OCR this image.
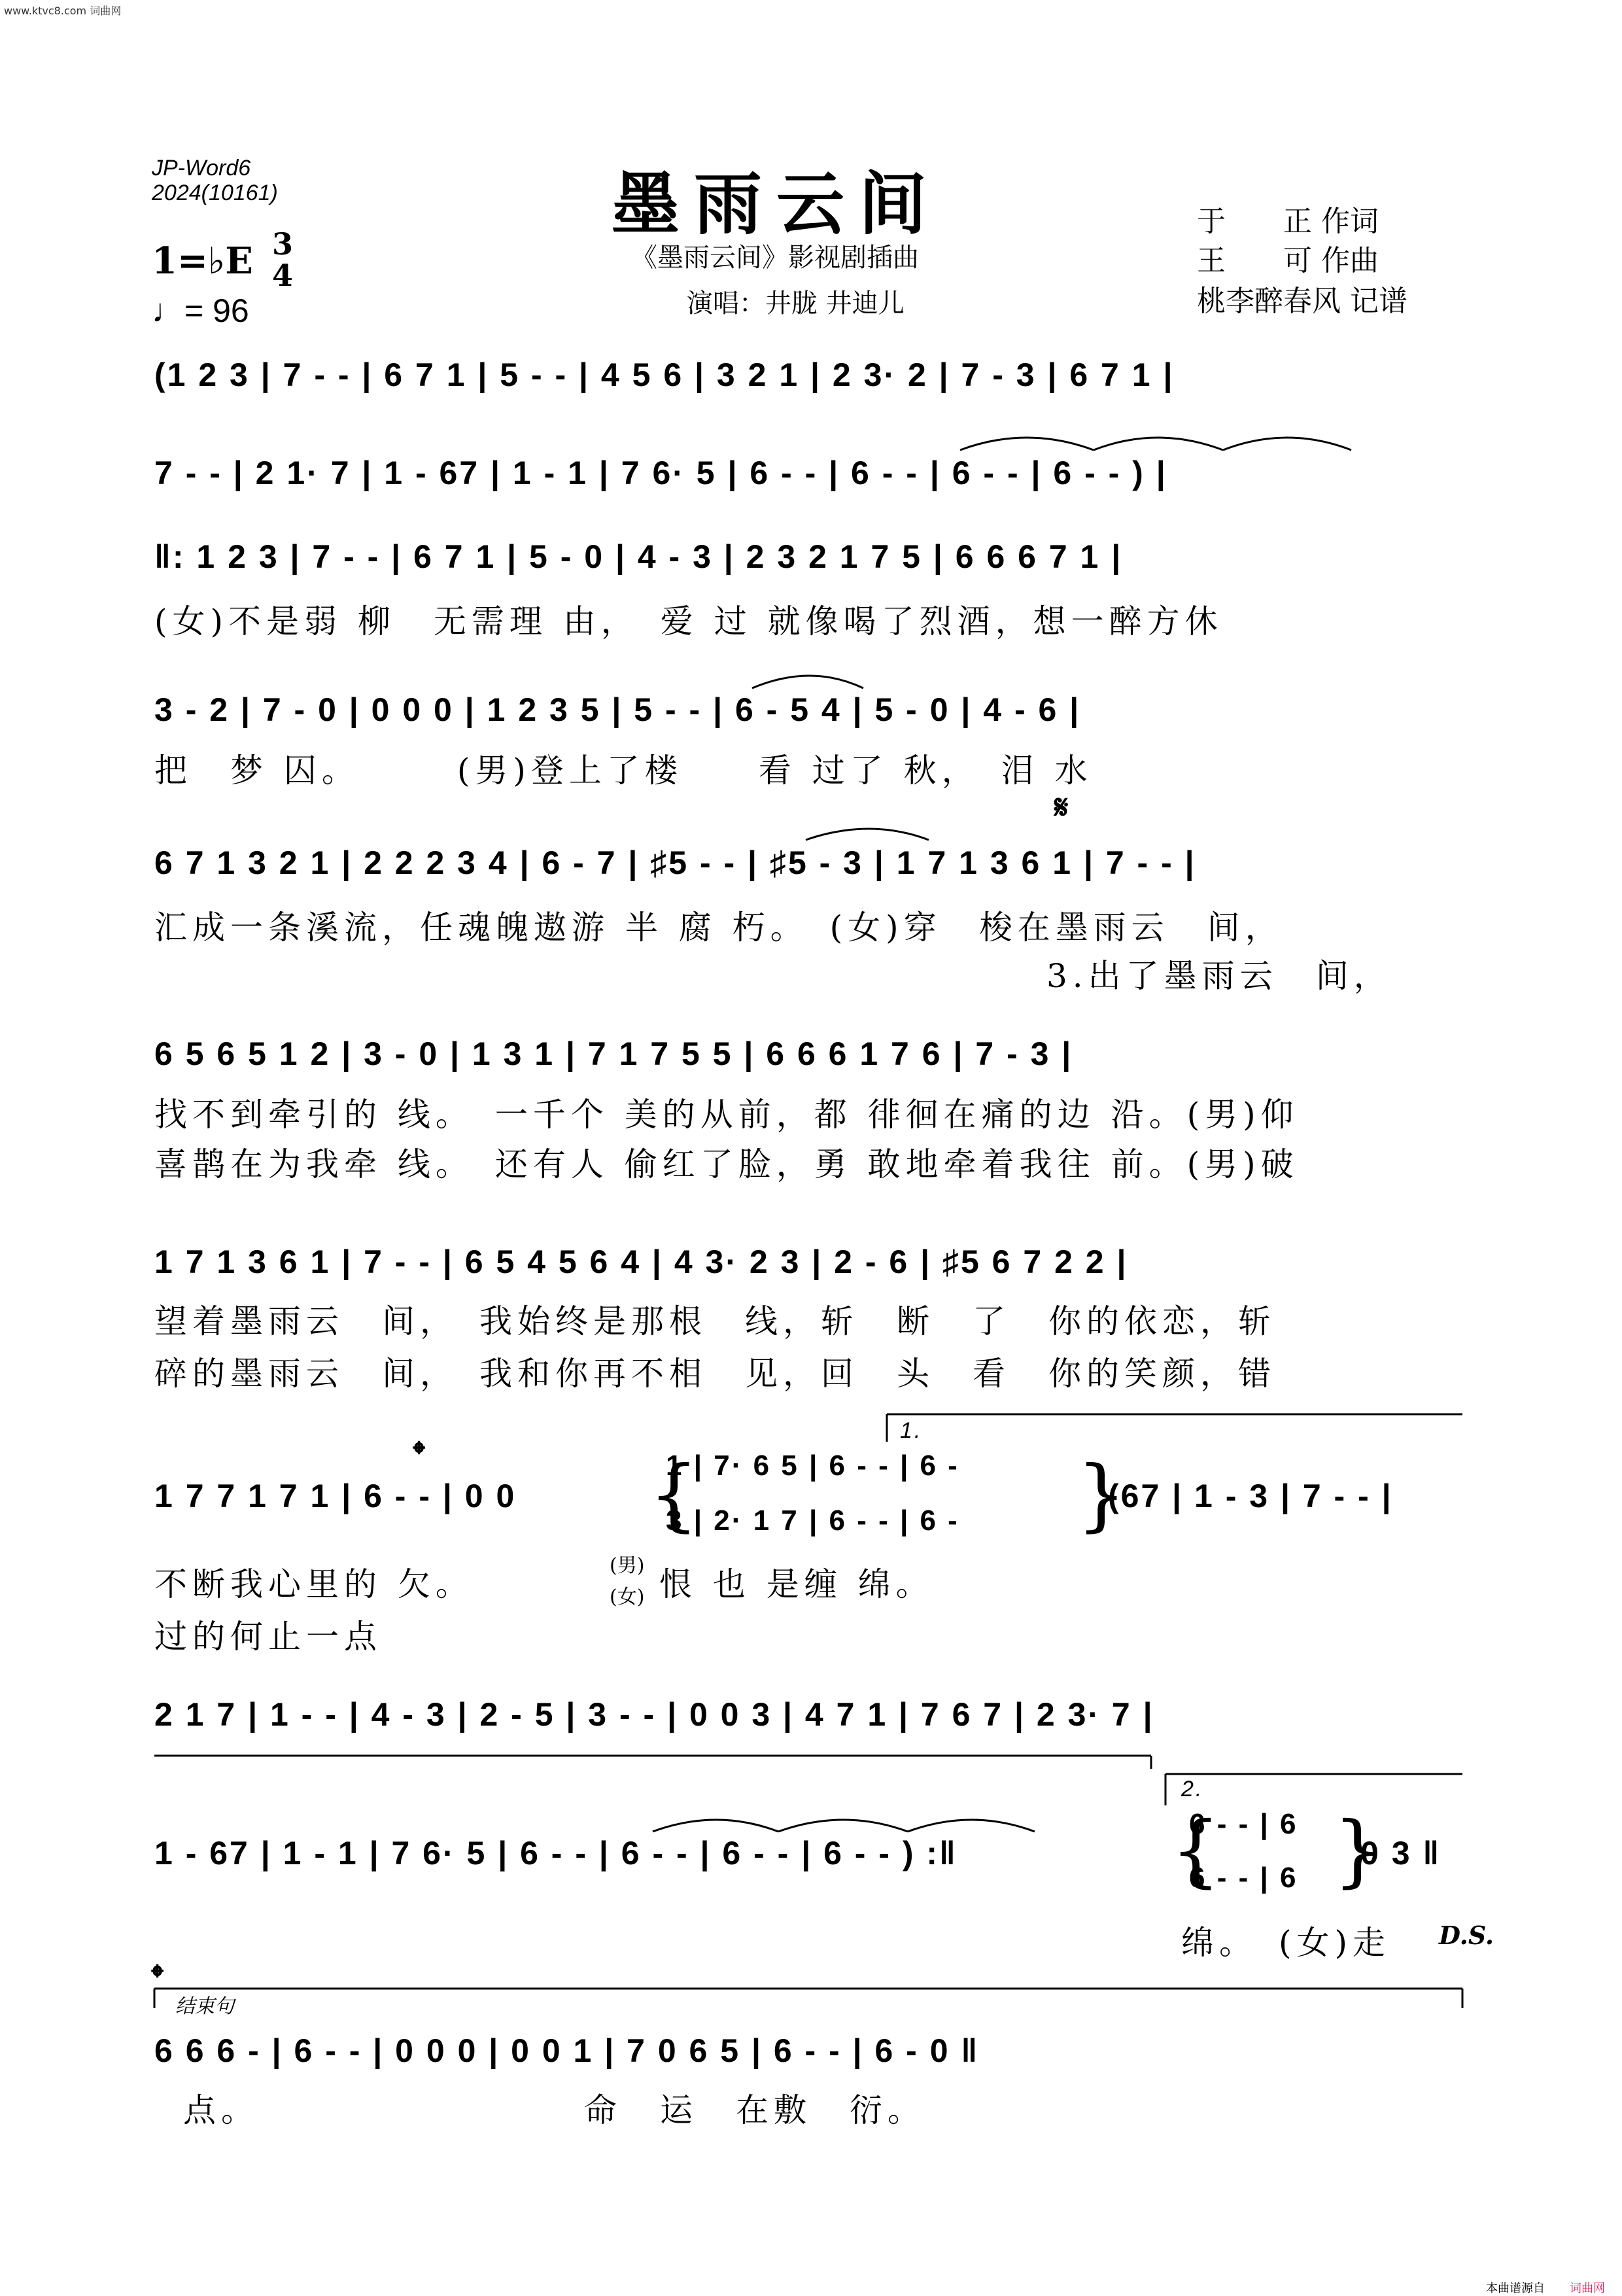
www.ktvc8.com 词曲网
JP-Word6
2024(10161)	墨雨云间
《墨雨云间》影视剧插曲
演唱：井胧 井迪儿
于　　正 作词
王　　可 作曲
桃李醉春风 记谱
1=♭E 3
4
♩= 96
(1 2 3 | 7 - - | 6 7 1 | 5 - - | 4 5 6 | 3 2 1 | 2 3· 2 | 7 - 3 | 6 7 1 |
7 - - | 2 1· 7 | 1 - 67 | 1 - 1 | 7 6· 5 | 6 - - | 6 - - | 6 - - | 6 - - ) |
‖: 1 2 3 | 7 - - | 6 7 1 | 5 - 0 | 4 - 3 | 2 3 2 1 7 5 | 6 6 6 7 1 |
(女)不是弱 柳　无需理 由，　爱 过 就像喝了烈酒，想一醉方休
3 - 2 | 7 - 0 | 0 0 0 | 1 2 3 5 | 5 - - | 6 - 5 4 | 5 - 0 | 4 - 6 |
把　梦 囚。　　　(男)登上了楼　　看 过了 秋，　泪 水
𝄋
6 7 1 3 2 1 | 2 2 2 3 4 | 6 - 7 | ♯5 - - | ♯5 - 3 | 1 7 1 3 6 1 | 7 - - |
汇成一条溪流，任魂魄遨游 半 腐 朽。　(女)穿　梭在墨雨云　间，
3.出了墨雨云　间，
6 5 6 5 1 2 | 3 - 0 | 1 3 1 | 7 1 7 5 5 | 6 6 6 1 7 6 | 7 - 3 |
找不到牵引的 线。　一千个 美的从前，都 徘徊在痛的边 沿。(男)仰
喜鹊在为我牵 线。　还有人 偷红了脸，勇 敢地牵着我往 前。(男)破
1 7 1 3 6 1 | 7 - - | 6 5 4 5 6 4 | 4 3· 2 3 | 2 - 6 | ♯5 6 7 2 2 |
望着墨雨云　间，　我始终是那根　线，斩　断　了　你的依恋，斩
碎的墨雨云　间，　我和你再不相　见，回　头　看　你的笑颜，错
𝄌
1 7 7 1 7 1 | 6 - - | 0 0
1.
{
1 | 7· 6 5 | 6 - - | 6 -
3 | 2· 1 7 | 6 - - | 6 - }
(67 | 1 - 3 | 7 - - |
不断我心里的 欠。	(男)
(女) 恨 也 是缠 绵。
过的何止一点
2 1 7 | 1 - - | 4 - 3 | 2 - 5 | 3 - - | 0 0 3 | 4 7 1 | 7 6 7 | 2 3· 7 |
1 - 67 | 1 - 1 | 7 6· 5 | 6 - - | 6 - - | 6 - - | 6 - - ) :‖
2.
{
6 - - | 6
6 - - | 6 }
0 3 ‖
绵。　(女)走 D.S.
𝄌
结束句
6 6 6 - | 6 - - | 0 0 0 | 0 0 1 | 7 0 6 5 | 6 - - | 6 - 0 ‖
点。　　　　　　　　　命　运　在敷　衍。
本曲谱源自 词曲网
